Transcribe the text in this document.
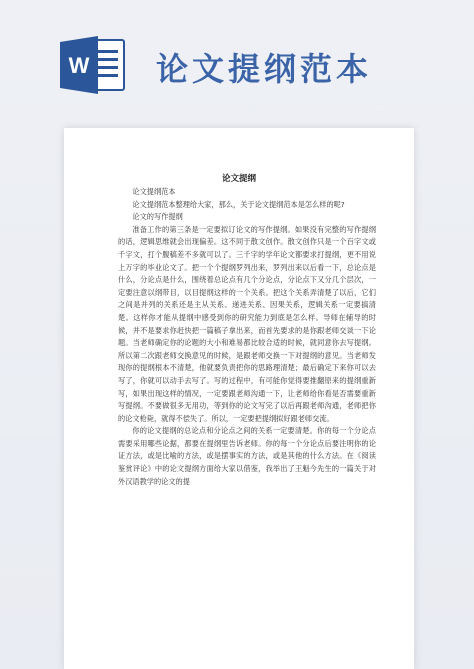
W 论文提纲范本
论文提纲

论文提纲范本

论文提纲范本整理给大家，那么，关于论文提纲范本是怎么样的呢?

论文的写作提纲

准备工作的第三条是一定要拟订论文的写作提纲。如果没有完整的写作提纲的话，逻辑思维就会出现偏差。这不同于散文创作。散文创作只是一个百字文或千字文，打个腹稿差不多就可以了。三千字的学年论文都要求打提纲，更不用说上万字的毕业论文了。把一个个提纲罗列出来，罗列出来以后看一下，总论点是什么，分论点是什么，围绕着总论点有几个分论点，分论点下又分几个层次，一定要注意以纲带目，以目提纲这样的一个关系。把这个关系弄清楚了以后，它们之间是并列的关系还是主从关系、递进关系、因果关系，逻辑关系一定要搞清楚。这样你才能从提纲中感受到你的研究能力到底是怎么样。导师在辅导的时候，并不是要求你赶快把一篇稿子拿出来，而首先要求的是你跟老师交谈一下论题。当老师确定你的论题的大小和难易都比较合适的时候，就同意你去写提纲。 所以第二次跟老师交换意见的时候，是跟老师交换一下对提纲的意见。当老师发现你的提纲根本不清楚，他就要负责把你的思路理清楚；最后确定下来你可以去写了，你就可以动手去写了。写的过程中，有可能你觉得要推翻原来的提纲重新写，如果出现这样的情况，一定要跟老师沟通一下，让老师给你看是否需要重新写提纲。不要做很多无用功，等到你的论文写完了以后再跟老师沟通，老师把你的论文枪毙，就得不偿失了。所以，一定要把提纲拟好跟老师交流。

你的论文提纲的总论点和分论点之间的关系一定要清楚。你的每一个分论点需要采用哪些论据，都要在提纲里告诉老师。你的每一个分论点后要注明你的论证方法，或是比喻的方法，或是摆事实的方法，或是其他的什么方法。在《阅读鉴赏评论》中的论文提纲方面给大家以借鉴，我举出了王魁今先生的一篇关于对外汉语教学的论文的提
